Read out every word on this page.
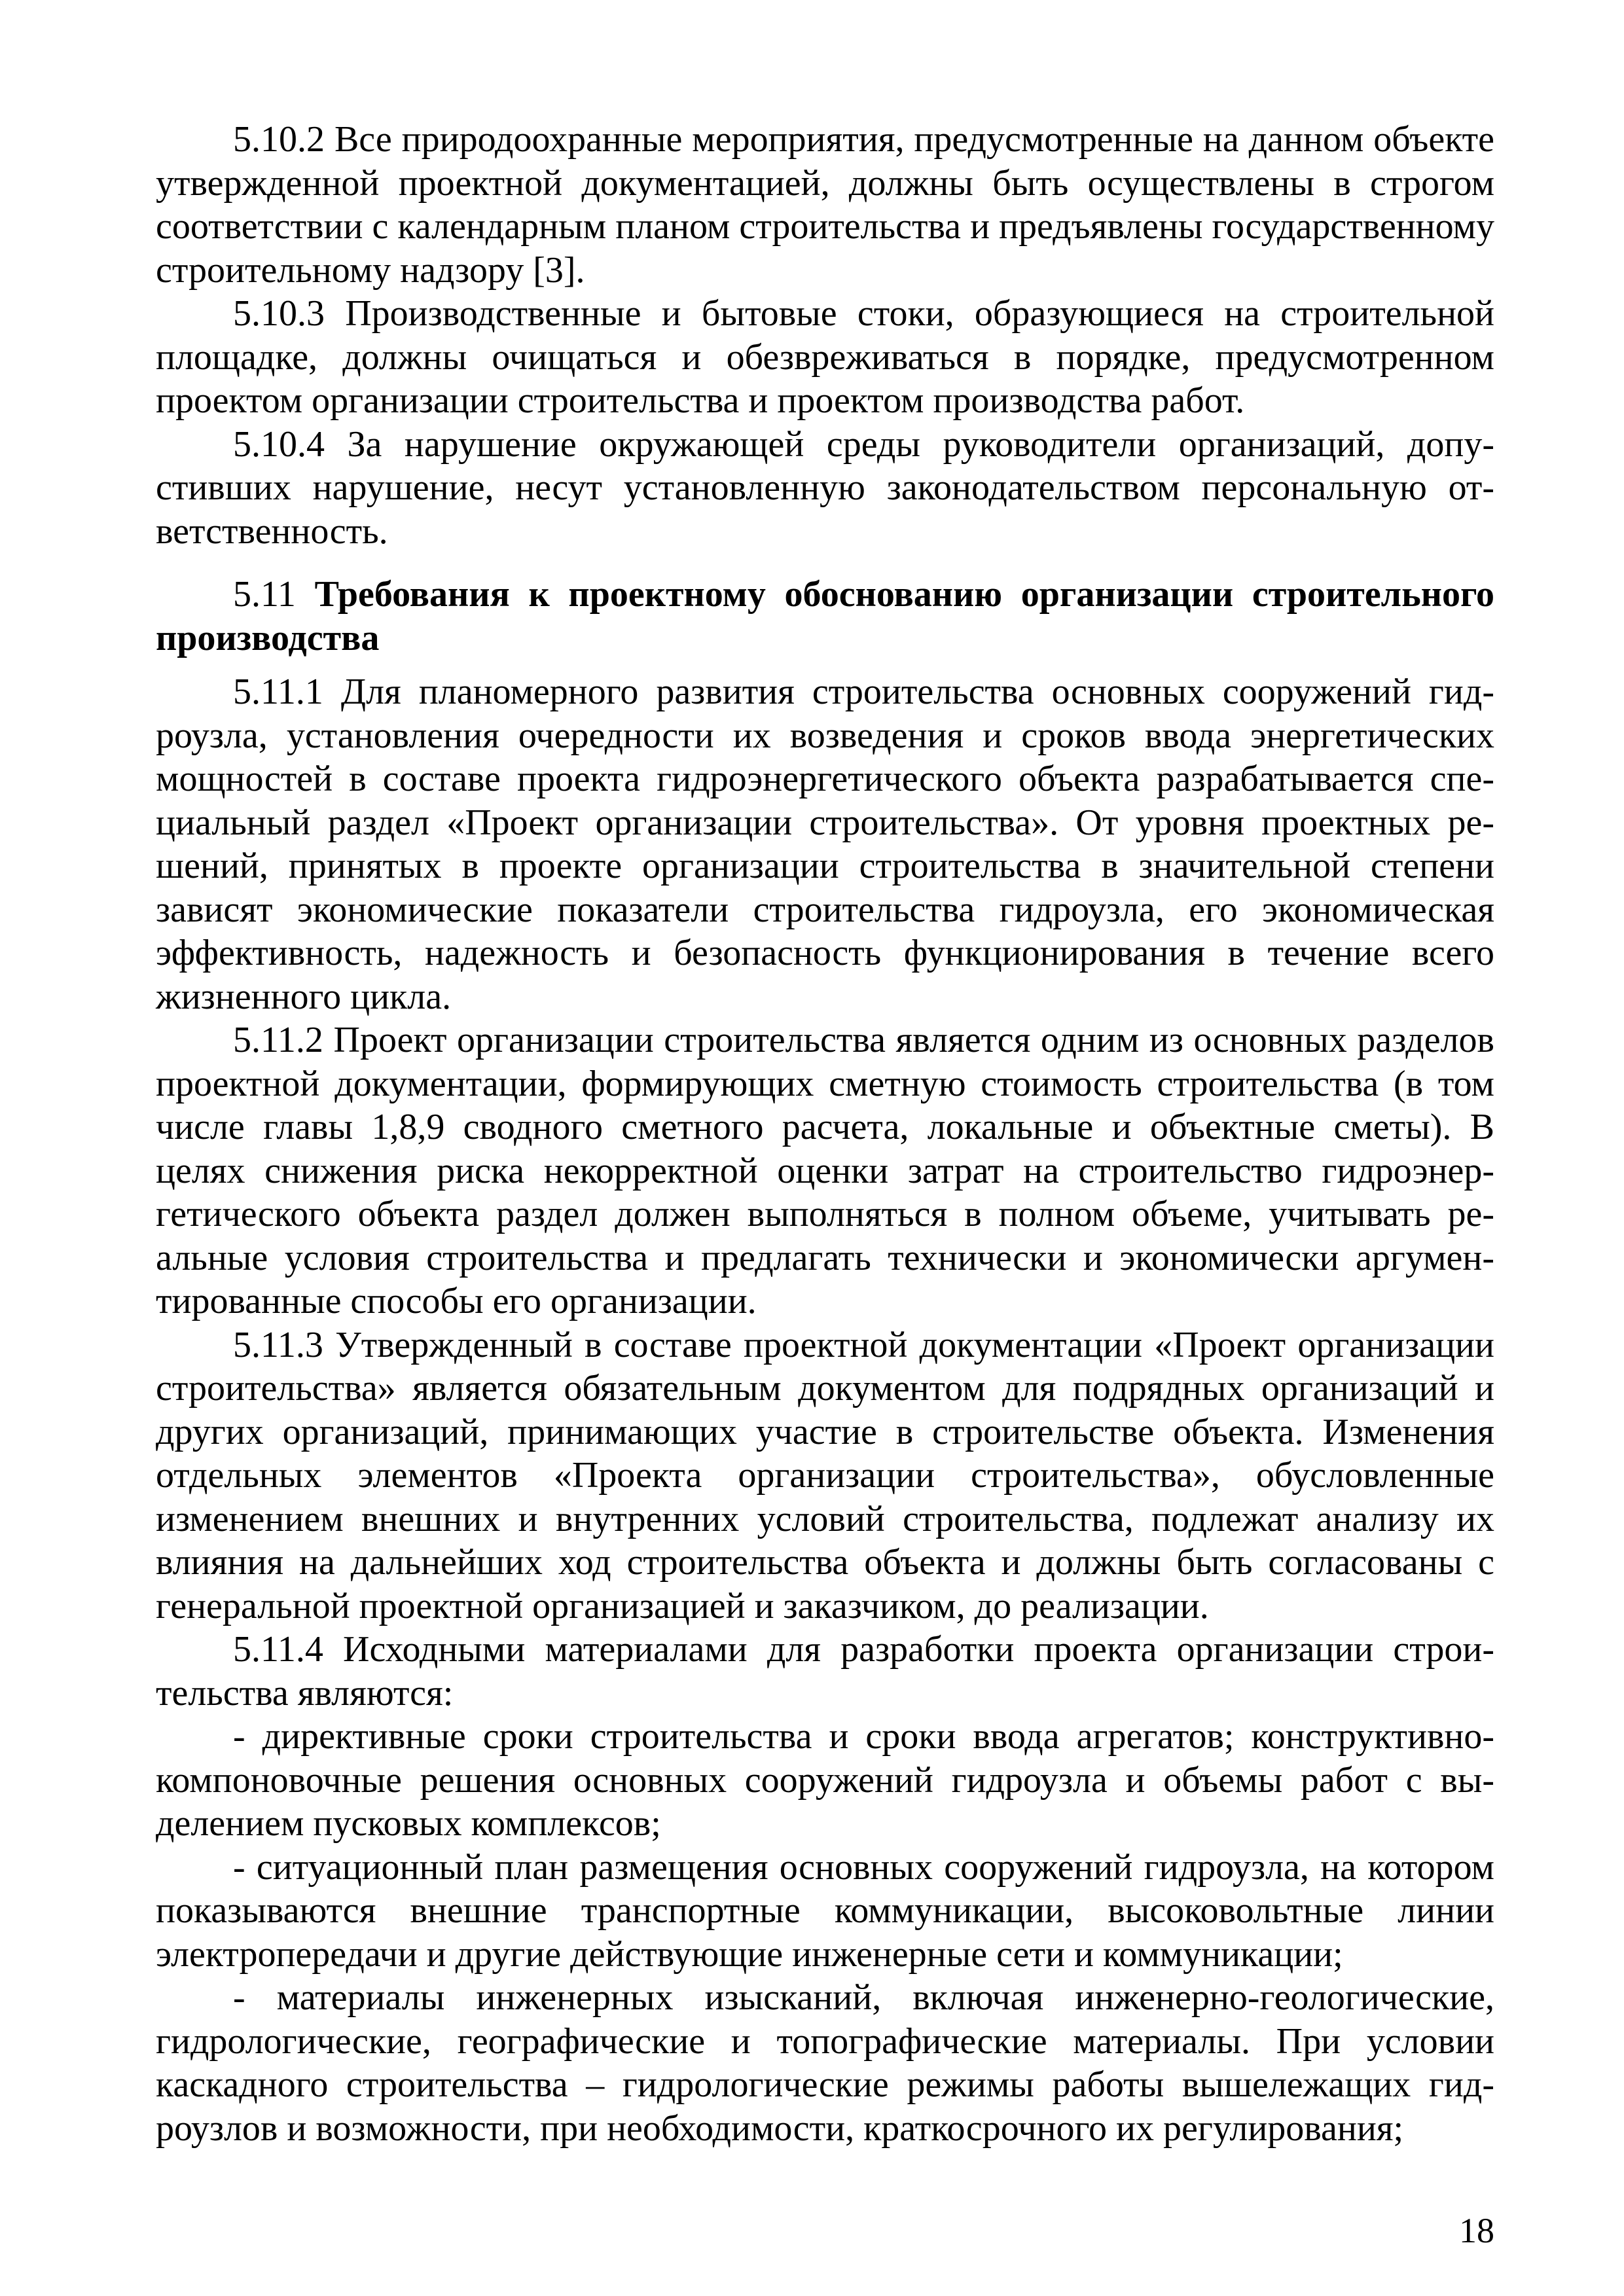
5.10.2 Все природоохранные мероприятия, предусмотренные на данном объекте утвержденной проектной документацией, должны быть осуществлены в строгом соответствии с календарным планом строительства и предъявлены государственному строительному надзору [3].

5.10.3 Производственные и бытовые стоки, образующиеся на строительной площадке, должны очищаться и обезвреживаться в порядке, предусмотренном проектом организации строительства и проектом производства работ.

5.10.4 За нарушение окружающей среды руководители организаций, допустивших нарушение, несут установленную законодательством персональную ответственность.

5.11 Требования к проектному обоснованию организации строительного производства

5.11.1 Для планомерного развития строительства основных сооружений гидроузла, установления очередности их возведения и сроков ввода энергетических мощностей в составе проекта гидроэнергетического объекта разрабатывается специальный раздел «Проект организации строительства». От уровня проектных решений, принятых в проекте организации строительства в значительной степени зависят экономические показатели строительства гидроузла, его экономическая эффективность, надежность и безопасность функционирования в течение всего жизненного цикла.

5.11.2 Проект организации строительства является одним из основных разделов проектной документации, формирующих сметную стоимость строительства (в том числе главы 1,8,9 сводного сметного расчета, локальные и объектные сметы). В целях снижения риска некорректной оценки затрат на строительство гидроэнергетического объекта раздел должен выполняться в полном объеме, учитывать реальные условия строительства и предлагать технически и экономически аргументированные способы его организации.

5.11.3 Утвержденный в составе проектной документации «Проект организации строительства» является обязательным документом для подрядных организаций и других организаций, принимающих участие в строительстве объекта. Изменения отдельных элементов «Проекта организации строительства», обусловленные изменением внешних и внутренних условий строительства, подлежат анализу их влияния на дальнейших ход строительства объекта и должны быть согласованы с генеральной проектной организацией и заказчиком, до реализации.

5.11.4 Исходными материалами для разработки проекта организации строительства являются:

- директивные сроки строительства и сроки ввода агрегатов; конструктивно-компоновочные решения основных сооружений гидроузла и объемы работ с выделением пусковых комплексов;

- ситуационный план размещения основных сооружений гидроузла, на котором показываются внешние транспортные коммуникации, высоковольтные линии электропередачи и другие действующие инженерные сети и коммуникации;

- материалы инженерных изысканий, включая инженерно-геологические, гидрологические, географические и топографические материалы. При условии каскадного строительства – гидрологические режимы работы вышележащих гидроузлов и возможности, при необходимости, краткосрочного их регулирования;

18
